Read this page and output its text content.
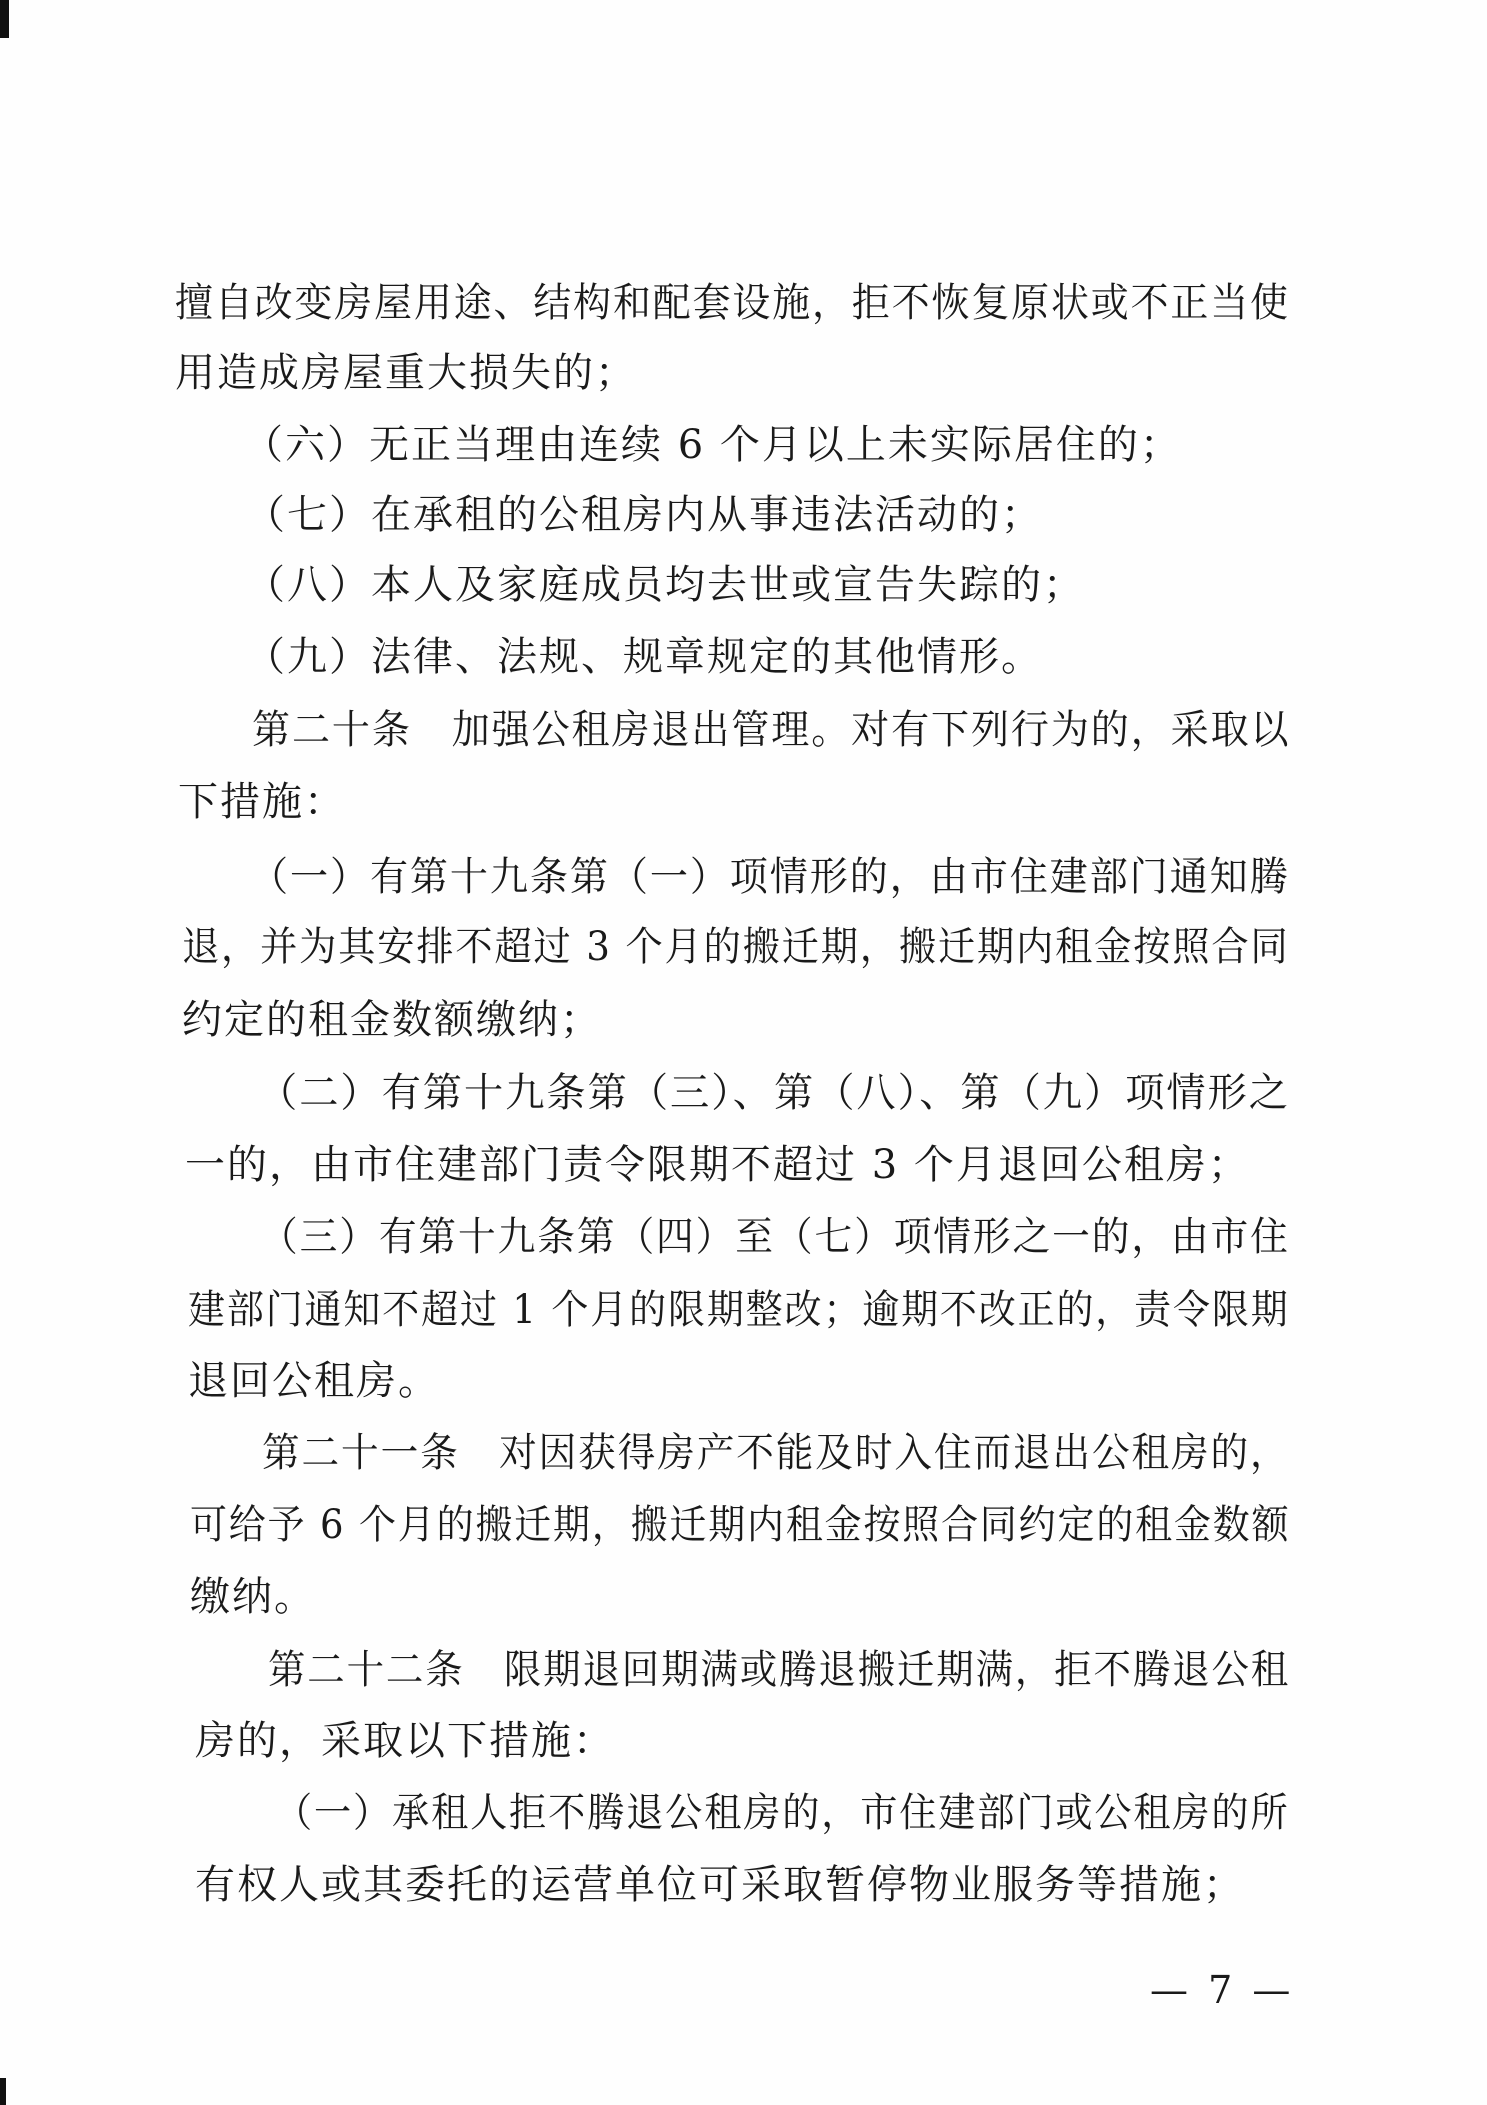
擅自改变房屋用途、结构和配套设施，拒不恢复原状或不正当使
用造成房屋重大损失的；
（六）无正当理由连续 6 个月以上未实际居住的；
（七）在承租的公租房内从事违法活动的；
（八）本人及家庭成员均去世或宣告失踪的；
（九）法律、法规、规章规定的其他情形。
第二十条　加强公租房退出管理。对有下列行为的，采取以
下措施：
（一）有第十九条第（一）项情形的，由市住建部门通知腾
退，并为其安排不超过 3 个月的搬迁期，搬迁期内租金按照合同
约定的租金数额缴纳；
（二）有第十九条第（三）、第（八）、第（九）项情形之
一的，由市住建部门责令限期不超过 3 个月退回公租房；
（三）有第十九条第（四）至（七）项情形之一的，由市住
建部门通知不超过 1 个月的限期整改；逾期不改正的，责令限期
退回公租房。
第二十一条　对因获得房产不能及时入住而退出公租房的，
可给予 6 个月的搬迁期，搬迁期内租金按照合同约定的租金数额
缴纳。
第二十二条　限期退回期满或腾退搬迁期满，拒不腾退公租
房的，采取以下措施：
（一）承租人拒不腾退公租房的，市住建部门或公租房的所
有权人或其委托的运营单位可采取暂停物业服务等措施；
— 7 —
